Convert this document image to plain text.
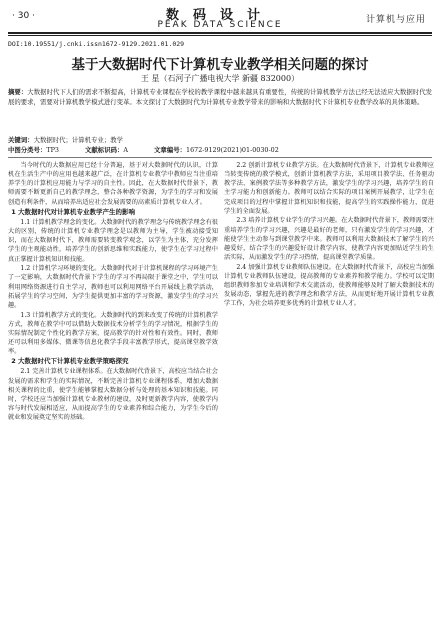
· 30 ·	数码设计
PEAK DATA SCIENCE	计算机与应用
DOI:10.19551/j.cnki.issn1672-9129.2021.01.029
基于大数据时代下计算机专业教学相关问题的探讨
王 星（石河子广播电视大学 新疆 832000）
摘要：大数据时代下人们的需求不断提高，计算机专业课程在学校的教学课程中越来越具有重要性，传统的计算机教学方法已经无法适应大数据时代发展的要求，需要对计算机教学模式进行变革。本文探讨了大数据时代为计算机专业教学带来的影响和大数据时代下计算机专业教学改革的具体策略。
关键词：大数据时代；计算机专业；教学
中图分类号：TP3	文献标识码：A	文章编号：1672-9129(2021)01-0030-02

当今时代的大数据应用已经十分普遍，基于对大数据时代的认识，计算机在生活生产中的应用也越来越广泛，在计算机专业教学中教师应当注重培养学生的计算机应用能力与学习的自主性。因此，在大数据时代背景下，教师需要不断更新自己的教学理念，整合各种教学资源，为学生的学习和发展创造有利条件，从而培养出适应社会发展需要的高素质计算机专业人才。

1 大数据时代对计算机专业教学产生的影响

1.1 计算机教学理念的变化。大数据时代的教学理念与传统教学理念有很大的区别，传统的计算机专业教学理念是以教师为主导，学生被动接受知识，而在大数据时代下，教师需要转变教学观念，以学生为主体，充分发挥学生的主观能动性，培养学生的创新思维和实践能力，使学生在学习过程中真正掌握计算机知识和技能。

1.2 计算机学习环境的变化。大数据时代对于计算机课程的学习环境产生了一定影响，大数据时代背景下学生的学习不再局限于课堂之中，学生可以利用网络资源进行自主学习，教师也可以利用网络平台开展线上教学活动，拓展学生的学习空间，为学生提供更加丰富的学习资源，激发学生的学习兴趣。

1.3 计算机教学方式的变化。大数据时代的到来改变了传统的计算机教学方式，教师在教学中可以借助大数据技术分析学生的学习情况，根据学生的实际情况制定个性化的教学方案，提高教学的针对性和有效性。同时，教师还可以利用多媒体、微课等信息化教学手段丰富教学形式，提高课堂教学效率。

2 大数据时代下计算机专业教学策略探究

2.1 完善计算机专业课程体系。在大数据时代背景下，高校应当结合社会发展的需求和学生的实际情况，不断完善计算机专业课程体系，增加大数据相关课程的比重，使学生能够掌握大数据分析与处理的基本知识和技能。同时，学校还应当加强计算机专业教材的建设，及时更新教学内容，使教学内容与时代发展相适应，从而提高学生的专业素养和综合能力，为学生今后的就业和发展奠定坚实的基础。

2.2 创新计算机专业教学方法。在大数据时代背景下，计算机专业教师应当转变传统的教学模式，创新计算机教学方法，采用项目教学法、任务驱动教学法、案例教学法等多种教学方法，激发学生的学习兴趣，培养学生的自主学习能力和创新能力。教师可以结合实际的项目案例开展教学，让学生在完成项目的过程中掌握计算机知识和技能，提高学生的实践操作能力，促进学生的全面发展。

2.3 培养计算机专业学生的学习兴趣。在大数据时代背景下，教师需要注重培养学生的学习兴趣，兴趣是最好的老师，只有激发学生的学习兴趣，才能使学生主动参与到课堂教学中来。教师可以利用大数据技术了解学生的兴趣爱好，结合学生的兴趣爱好设计教学内容，使教学内容更加贴近学生的生活实际，从而激发学生的学习热情，提高课堂教学质量。

2.4 加强计算机专业教师队伍建设。在大数据时代背景下，高校应当加强计算机专业教师队伍建设，提高教师的专业素养和教学能力。学校可以定期组织教师参加专业培训和学术交流活动，使教师能够及时了解大数据技术的发展动态，掌握先进的教学理念和教学方法，从而更好地开展计算机专业教学工作，为社会培养更多优秀的计算机专业人才。
